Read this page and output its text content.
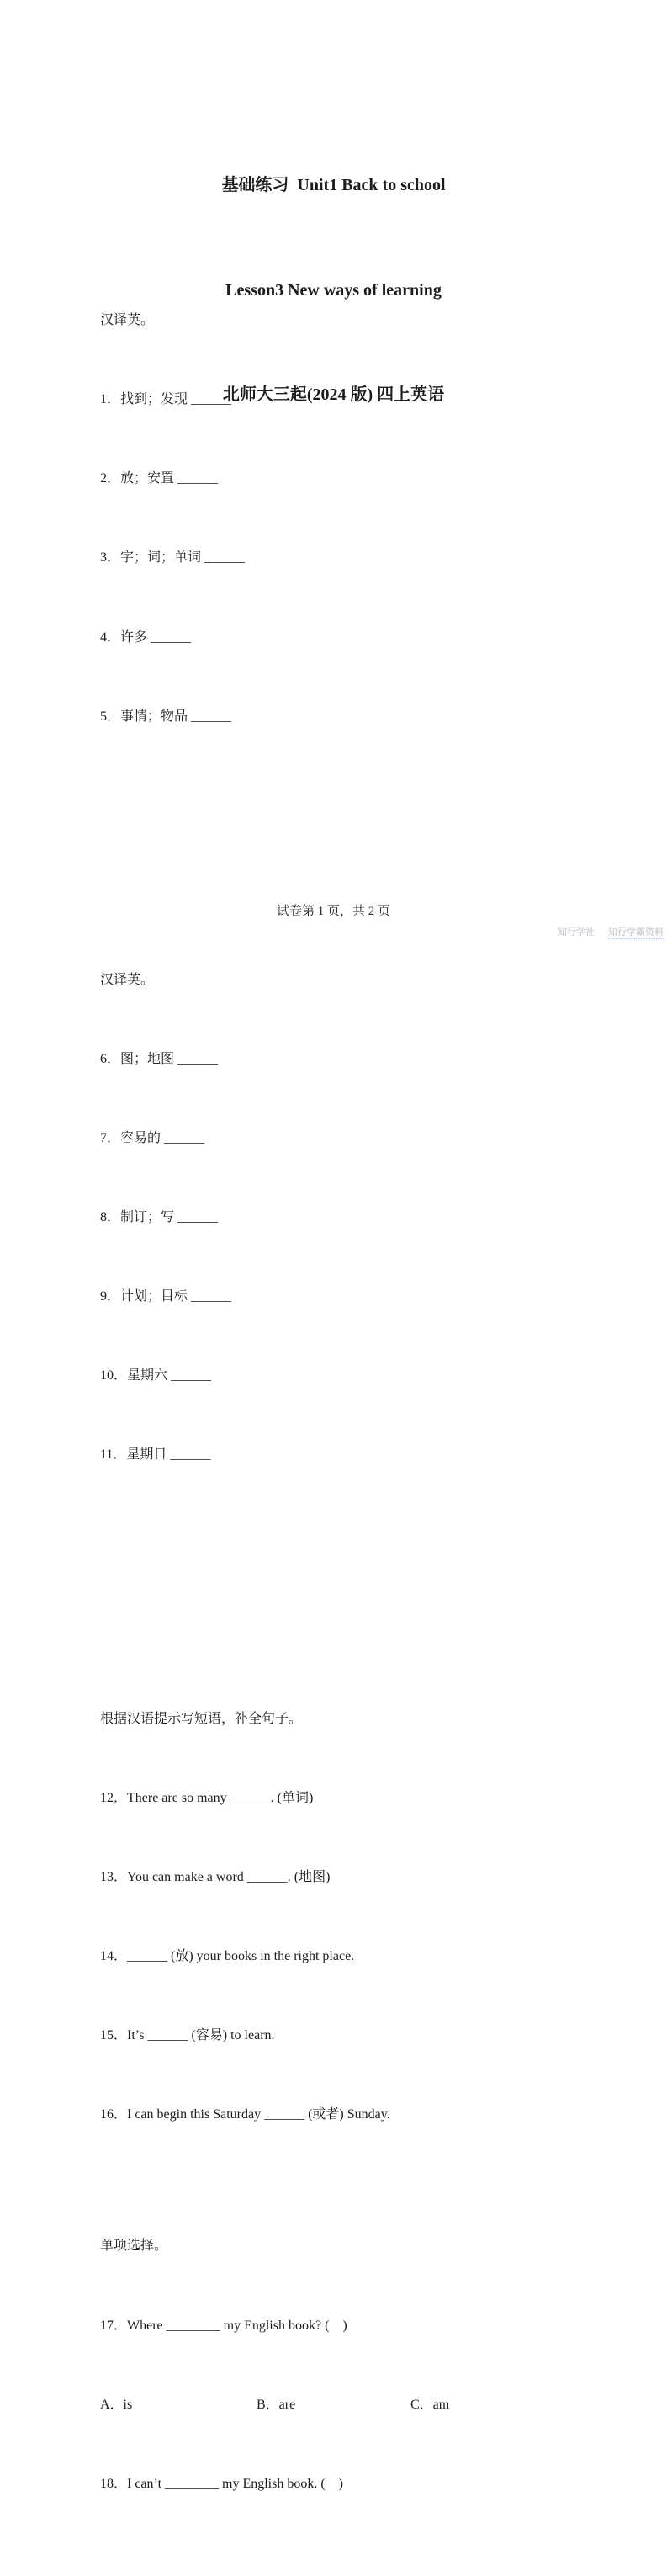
基础练习  Unit1 Back to school

Lesson3 New ways of learning

北师大三起(2024 版) 四上英语

汉译英。

1．找到；发现 ______

2．放；安置 ______

3．字；词；单词 ______

4．许多 ______

5．事情；物品 ______

汉译英。

6．图；地图 ______

7．容易的 ______

8．制订；写 ______

9．计划；目标 ______

10．星期六 ______

11．星期日 ______

根据汉语提示写短语，补全句子。

12．There are so many ______. (单词)

13．You can make a word ______. (地图)

14．______ (放) your books in the right place.

15．It’s ______ (容易) to learn.

16．I can begin this Saturday ______ (或者) Sunday.

单项选择。

17．Where ________ my English book? (    )

A．is	B．are	C．am

18．I can’t ________ my English book. (    )

试卷第 1 页，共 2 页
知行学社 知行学霸资料
